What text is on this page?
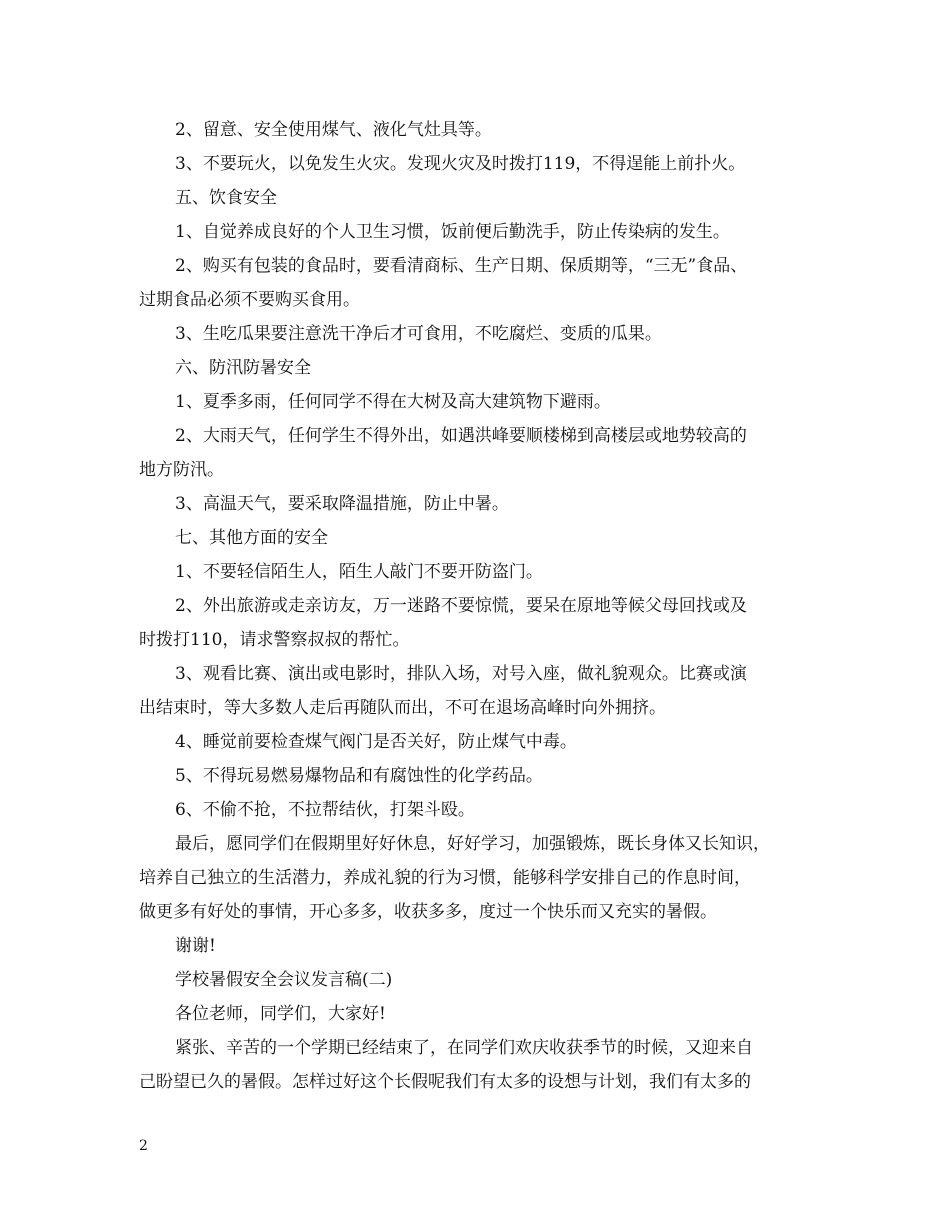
2、留意、安全使用煤气、液化气灶具等。

3、不要玩火，以免发生火灾。发现火灾及时拨打119，不得逞能上前扑火。

五、饮食安全

1、自觉养成良好的个人卫生习惯，饭前便后勤洗手，防止传染病的发生。

2、购买有包装的食品时，要看清商标、生产日期、保质期等，“三无”食品、

过期食品必须不要购买食用。

3、生吃瓜果要注意洗干净后才可食用，不吃腐烂、变质的瓜果。

六、防汛防暑安全

1、夏季多雨，任何同学不得在大树及高大建筑物下避雨。

2、大雨天气，任何学生不得外出，如遇洪峰要顺楼梯到高楼层或地势较高的

地方防汛。

3、高温天气，要采取降温措施，防止中暑。

七、其他方面的安全

1、不要轻信陌生人，陌生人敲门不要开防盗门。

2、外出旅游或走亲访友，万一迷路不要惊慌，要呆在原地等候父母回找或及

时拨打110，请求警察叔叔的帮忙。

3、观看比赛、演出或电影时，排队入场，对号入座，做礼貌观众。比赛或演

出结束时，等大多数人走后再随队而出，不可在退场高峰时向外拥挤。

4、睡觉前要检查煤气阀门是否关好，防止煤气中毒。

5、不得玩易燃易爆物品和有腐蚀性的化学药品。

6、不偷不抢，不拉帮结伙，打架斗殴。

最后，愿同学们在假期里好好休息，好好学习，加强锻炼，既长身体又长知识，

培养自己独立的生活潜力，养成礼貌的行为习惯，能够科学安排自己的作息时间，

做更多有好处的事情，开心多多，收获多多，度过一个快乐而又充实的暑假。

谢谢!

学校暑假安全会议发言稿(二)

各位老师，同学们，大家好!

紧张、辛苦的一个学期已经结束了，在同学们欢庆收获季节的时候，又迎来自

己盼望已久的暑假。怎样过好这个长假呢我们有太多的设想与计划，我们有太多的

2
